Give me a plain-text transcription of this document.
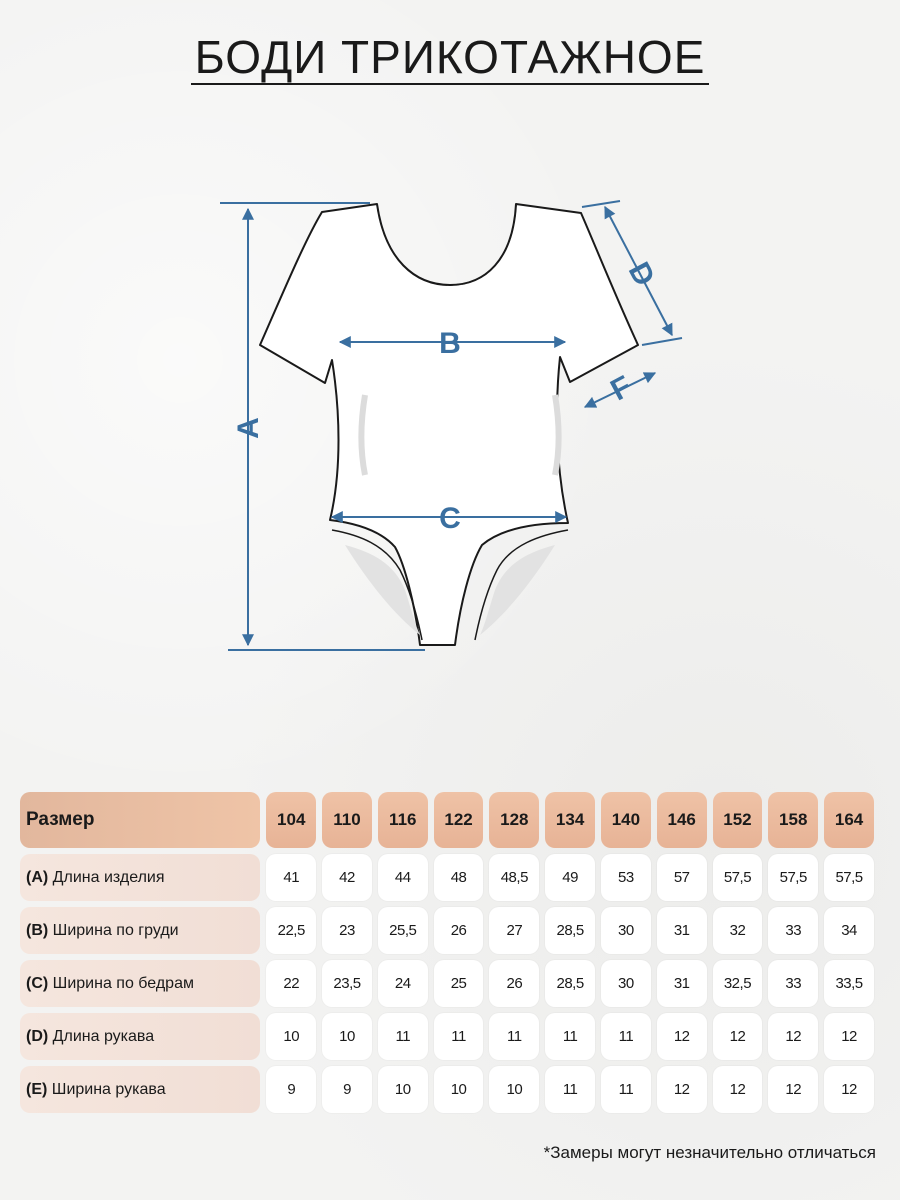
БОДИ ТРИКОТАЖНОЕ
A
B
C
D
F
Размер	104	110	116	122	128	134	140	146	152	158	164
(A) Длина изделия	41	42	44	48	48,5	49	53	57	57,5	57,5	57,5
(B) Ширина по груди	22,5	23	25,5	26	27	28,5	30	31	32	33	34
(C) Ширина по бедрам	22	23,5	24	25	26	28,5	30	31	32,5	33	33,5
(D) Длина рукава	10	10	11	11	11	11	11	12	12	12	12
(E) Ширина рукава	9	9	10	10	10	11	11	12	12	12	12
*Замеры могут незначительно отличаться
